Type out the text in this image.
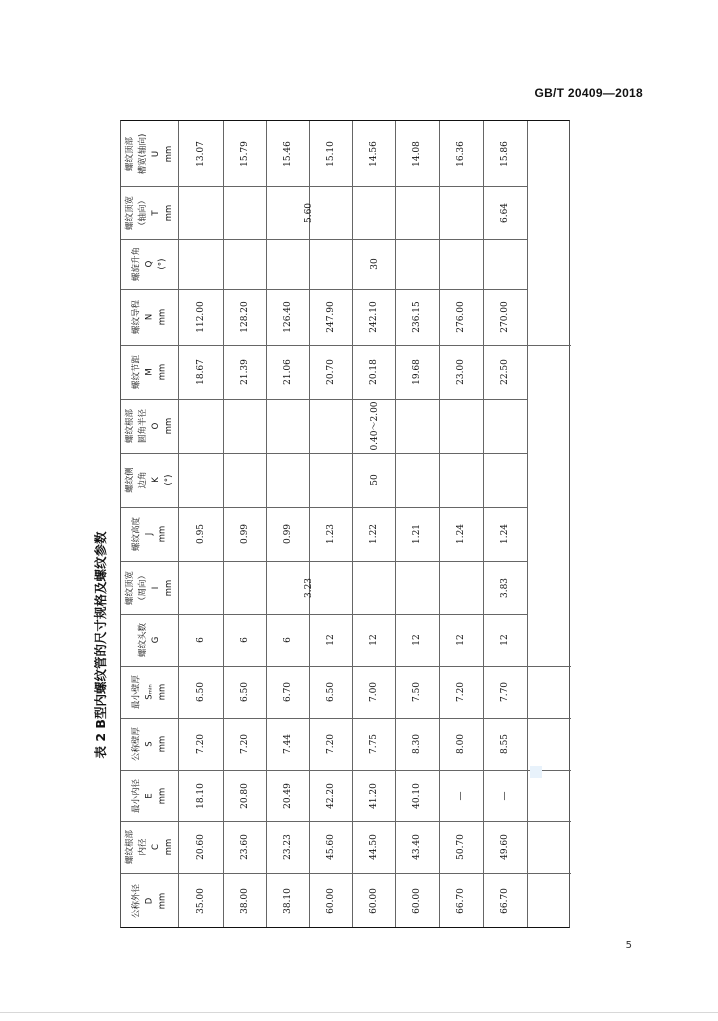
GB/T 20409—2018
表 2 B型内螺纹管的尺寸规格及螺纹参数
公称外径
D
mm
螺纹根部
内径
C
mm
最小内径
E
mm
公称壁厚
S
mm
最小壁厚
Sₘᵢₙ
mm
螺纹头数
G
螺纹顶宽
（周向）
I
mm
螺纹高度
J
mm
螺纹侧
边角
K
(°)
螺纹根部
圆角半径
O
mm
螺纹节距
M
mm
螺纹导程
N
mm
螺旋升角
Q
(°)
螺纹顶宽
（轴向）
T
mm
螺纹顶部
槽宽(轴向)
U
mm
35.00
20.60
18.10
7.20
6.50
6
0.95
18.67
112.00
13.07
38.00
23.60
20.80
7.20
6.50
6
0.99
21.39
128.20
15.79
38.10
23.23
20.49
7.44
6.70
6
0.99
21.06
126.40
15.46
60.00
45.60
42.20
7.20
6.50
12
1.23
20.70
247.90
15.10
60.00
44.50
41.20
7.75
7.00
12
1.22
20.18
242.10
14.56
60.00
43.40
40.10
8.30
7.50
12
1.21
19.68
236.15
14.08
66.70
50.70
—
8.00
7.20
12
1.24
23.00
276.00
16.36
66.70
49.60
—
8.55
7.70
12
1.24
22.50
270.00
15.86
3.23	3.83
50
0.40～2.00
30
5.60	6.64
5
